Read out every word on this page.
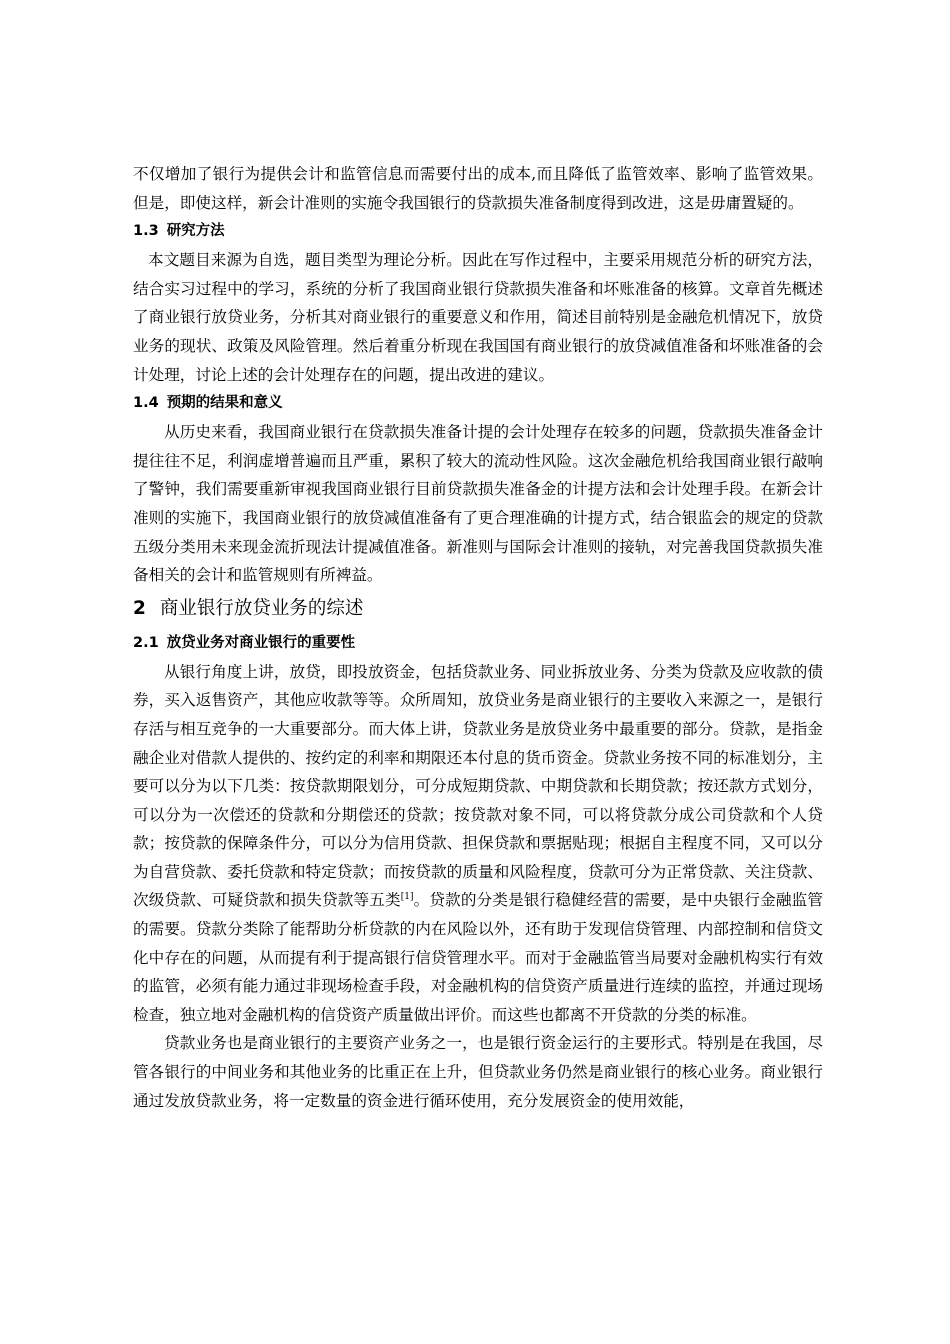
不仅增加了银行为提供会计和监管信息而需要付出的成本,而且降低了监管效率、影响了监管效果。但是，即使这样，新会计准则的实施令我国银行的贷款损失准备制度得到改进，这是毋庸置疑的。

1.3 研究方法

本文题目来源为自选，题目类型为理论分析。因此在写作过程中，主要采用规范分析的研究方法，结合实习过程中的学习，系统的分析了我国商业银行贷款损失准备和坏账准备的核算。文章首先概述了商业银行放贷业务，分析其对商业银行的重要意义和作用，简述目前特别是金融危机情况下，放贷业务的现状、政策及风险管理。然后着重分析现在我国国有商业银行的放贷减值准备和坏账准备的会计处理，讨论上述的会计处理存在的问题，提出改进的建议。

1.4 预期的结果和意义

从历史来看，我国商业银行在贷款损失准备计提的会计处理存在较多的问题，贷款损失准备金计提往往不足，利润虚增普遍而且严重，累积了较大的流动性风险。这次金融危机给我国商业银行敲响了警钟，我们需要重新审视我国商业银行目前贷款损失准备金的计提方法和会计处理手段。在新会计准则的实施下，我国商业银行的放贷减值准备有了更合理准确的计提方式，结合银监会的规定的贷款五级分类用未来现金流折现法计提减值准备。新准则与国际会计准则的接轨，对完善我国贷款损失准备相关的会计和监管规则有所裨益。

2 商业银行放贷业务的综述
2.1 放贷业务对商业银行的重要性

从银行角度上讲，放贷，即投放资金，包括贷款业务、同业拆放业务、分类为贷款及应收款的债券，买入返售资产，其他应收款等等。众所周知，放贷业务是商业银行的主要收入来源之一，是银行存活与相互竞争的一大重要部分。而大体上讲，贷款业务是放贷业务中最重要的部分。贷款，是指金融企业对借款人提供的、按约定的利率和期限还本付息的货币资金。贷款业务按不同的标准划分，主要可以分为以下几类：按贷款期限划分，可分成短期贷款、中期贷款和长期贷款；按还款方式划分，可以分为一次偿还的贷款和分期偿还的贷款；按贷款对象不同，可以将贷款分成公司贷款和个人贷款；按贷款的保障条件分，可以分为信用贷款、担保贷款和票据贴现；根据自主程度不同，又可以分为自营贷款、委托贷款和特定贷款；而按贷款的质量和风险程度，贷款可分为正常贷款、关注贷款、次级贷款、可疑贷款和损失贷款等五类[1]。贷款的分类是银行稳健经营的需要，是中央银行金融监管的需要。贷款分类除了能帮助分析贷款的内在风险以外，还有助于发现信贷管理、内部控制和信贷文化中存在的问题，从而提有利于提高银行信贷管理水平。而对于金融监管当局要对金融机构实行有效的监管，必须有能力通过非现场检查手段，对金融机构的信贷资产质量进行连续的监控，并通过现场检查，独立地对金融机构的信贷资产质量做出评价。而这些也都离不开贷款的分类的标准。

贷款业务也是商业银行的主要资产业务之一，也是银行资金运行的主要形式。特别是在我国，尽管各银行的中间业务和其他业务的比重正在上升，但贷款业务仍然是商业银行的核心业务。商业银行通过发放贷款业务，将一定数量的资金进行循环使用，充分发展资金的使用效能，
